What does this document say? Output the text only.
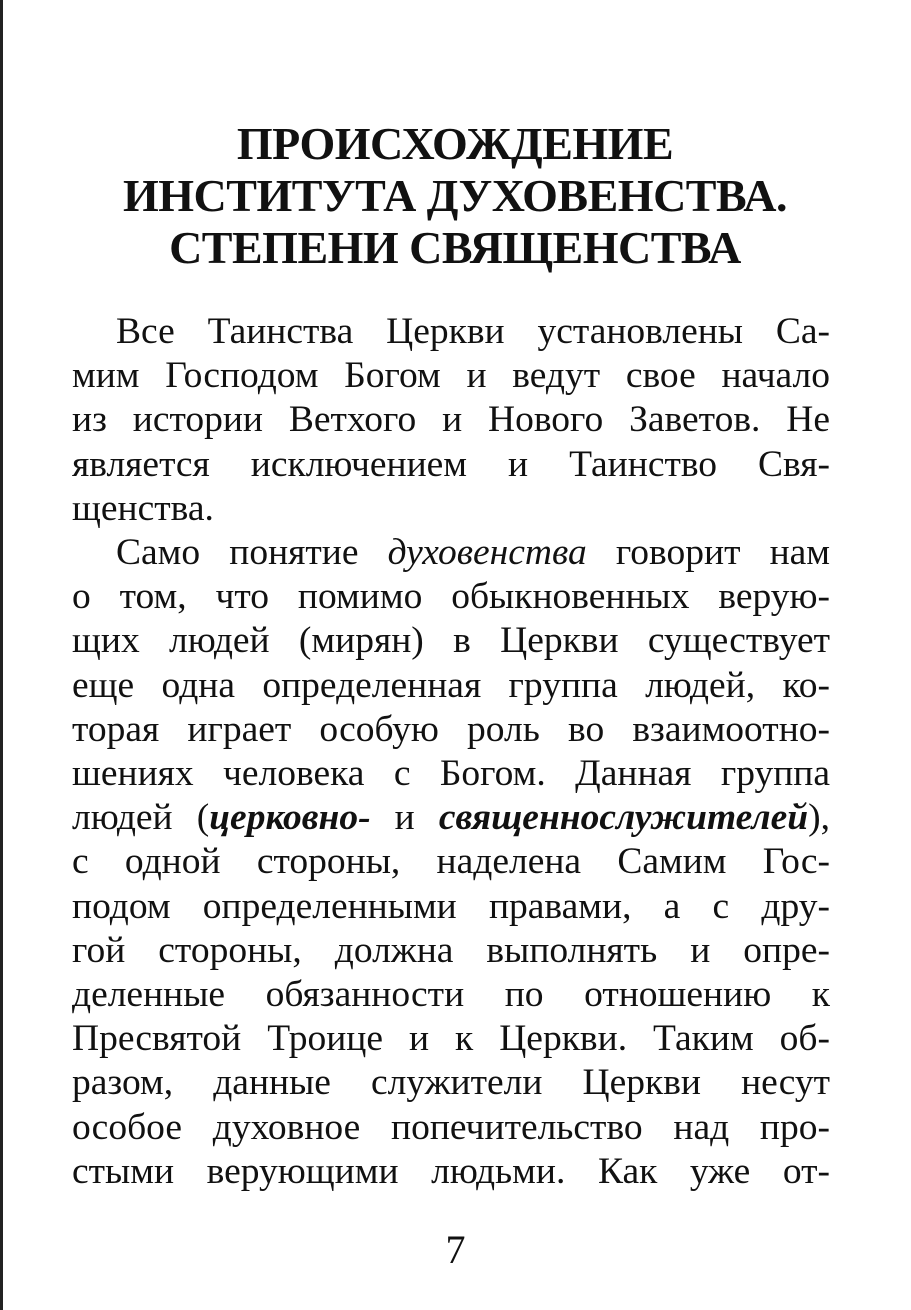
ПРОИСХОЖДЕНИЕ
ИНСТИТУТА ДУХОВЕНСТВА.
СТЕПЕНИ СВЯЩЕНСТВА
Все Таинства Церкви установлены Са-
мим Господом Богом и ведут свое начало
из истории Ветхого и Нового Заветов. Не
является исключением и Таинство Свя-
щенства.
Само понятие духовенства говорит нам
о том, что помимо обыкновенных верую-
щих людей (мирян) в Церкви существует
еще одна определенная группа людей, ко-
торая играет особую роль во взаимоотно-
шениях человека с Богом. Данная группа
людей (церковно- и священнослужителей),
с одной стороны, наделена Самим Гос-
подом определенными правами, а с дру-
гой стороны, должна выполнять и опре-
деленные обязанности по отношению к
Пресвятой Троице и к Церкви. Таким об-
разом, данные служители Церкви несут
особое духовное попечительство над про-
стыми верующими людьми. Как уже от-
7
